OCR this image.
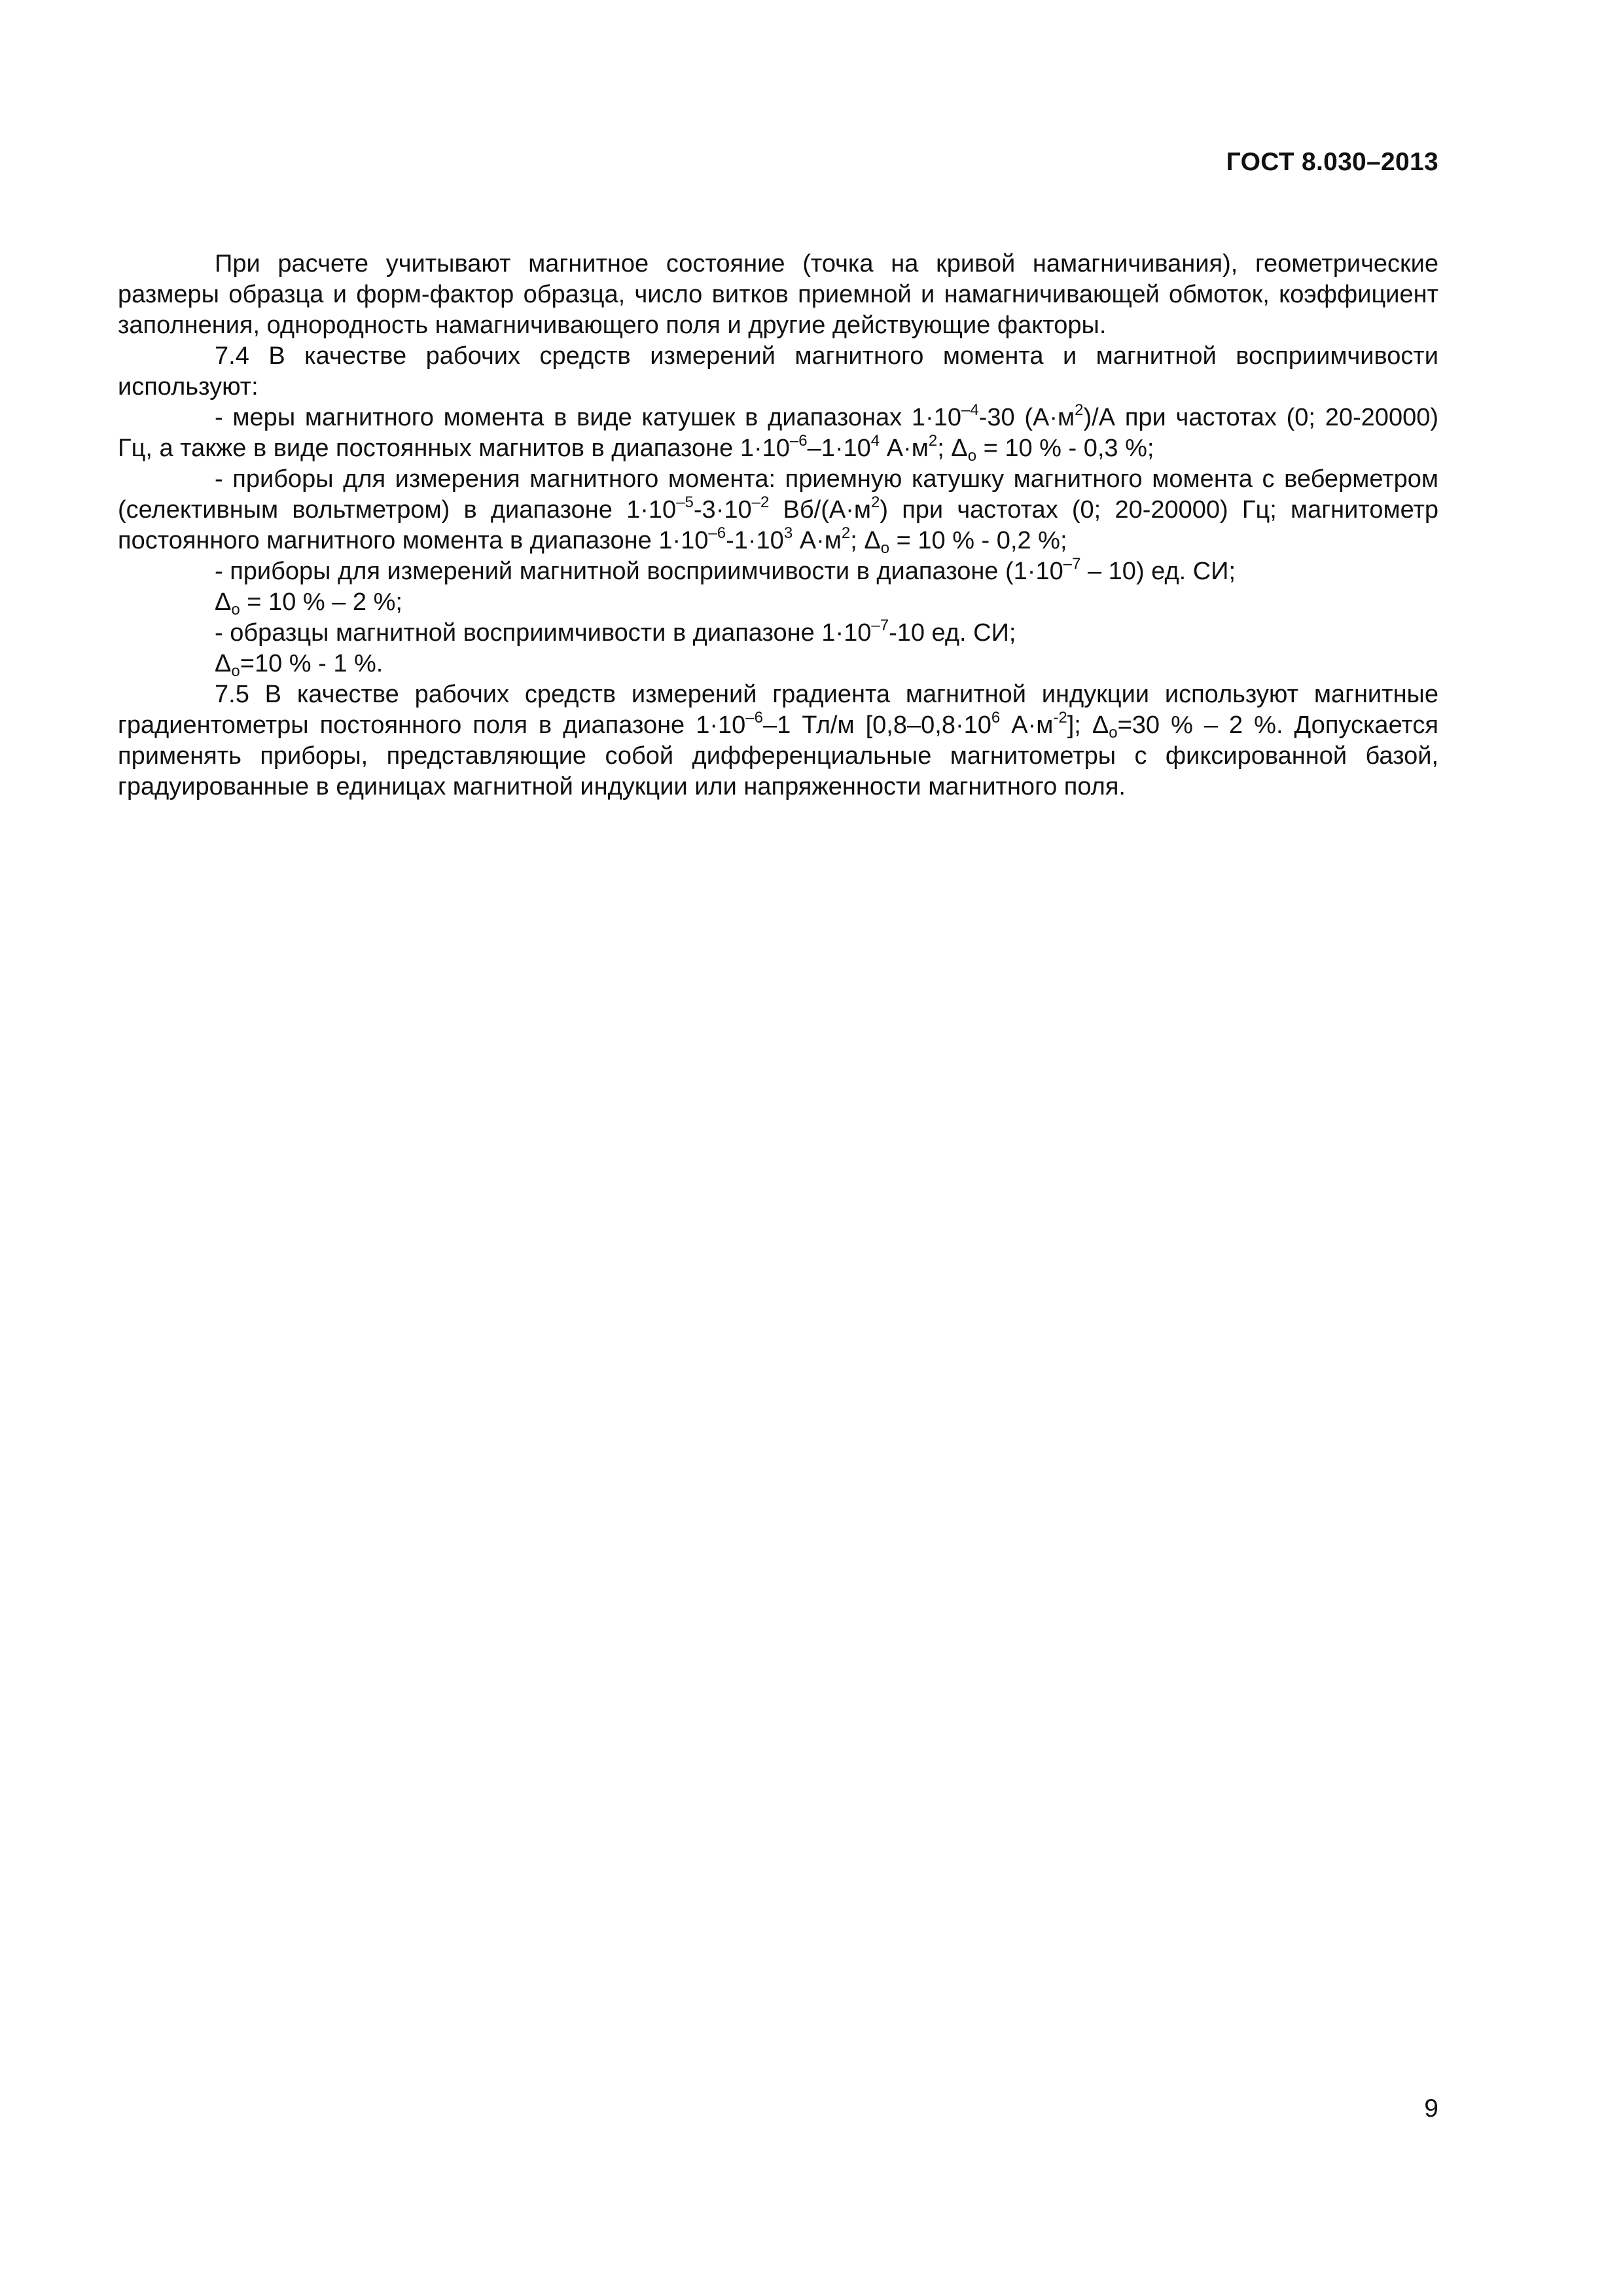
ГОСТ 8.030–2013

При расчете учитывают магнитное состояние (точка на кривой намагничивания), геометрические размеры образца и форм-фактор образца, число витков приемной и намагничивающей обмоток, коэффициент заполнения, однородность намагничивающего поля и другие действующие факторы.

7.4 В качестве рабочих средств измерений магнитного момента и магнитной восприимчивости используют:

- меры магнитного момента в виде катушек в диапазонах $1\cdot 10^{-4}-30$ $(А\cdot м^2)/А$ при частотах (0; 20-20000) Гц, а также в виде постоянных магнитов в диапазоне $1\cdot 10^{-6}-1\cdot 10^4$ $А\cdot м^2$; $\Delta_о = 10$ % - 0,3 %;

- приборы для измерения магнитного момента: приемную катушку магнитного момента с веберметром (селективным вольтметром) в диапазоне $1\cdot 10^{-5}-3\cdot 10^{-2}$ $Вб/(А\cdot м^2)$ при частотах (0; 20-20000) Гц; магнитометр постоянного магнитного момента в диапазоне $1\cdot 10^{-6}-1\cdot 10^3$ $А\cdot м^2$; $\Delta_о = 10$ % - 0,2 %;

- приборы для измерений магнитной восприимчивости в диапазоне $(1\cdot 10^{-7} - 10)$ ед. СИ;

$\Delta_о = 10$ % – 2 %;

- образцы магнитной восприимчивости в диапазоне $1\cdot 10^{-7}-10$ ед. СИ;

$\Delta_о=10$ % - 1 %.

7.5 В качестве рабочих средств измерений градиента магнитной индукции используют магнитные градиентометры постоянного поля в диапазоне $1\cdot 10^{-6}-1$ Тл/м [$0,8-0,8\cdot 10^6$ $А\cdot м^{-2}$]; $\Delta_о=30$ % – 2 %. Допускается применять приборы, представляющие собой дифференциальные магнитометры с фиксированной базой, градуированные в единицах магнитной индукции или напряженности магнитного поля.

9
